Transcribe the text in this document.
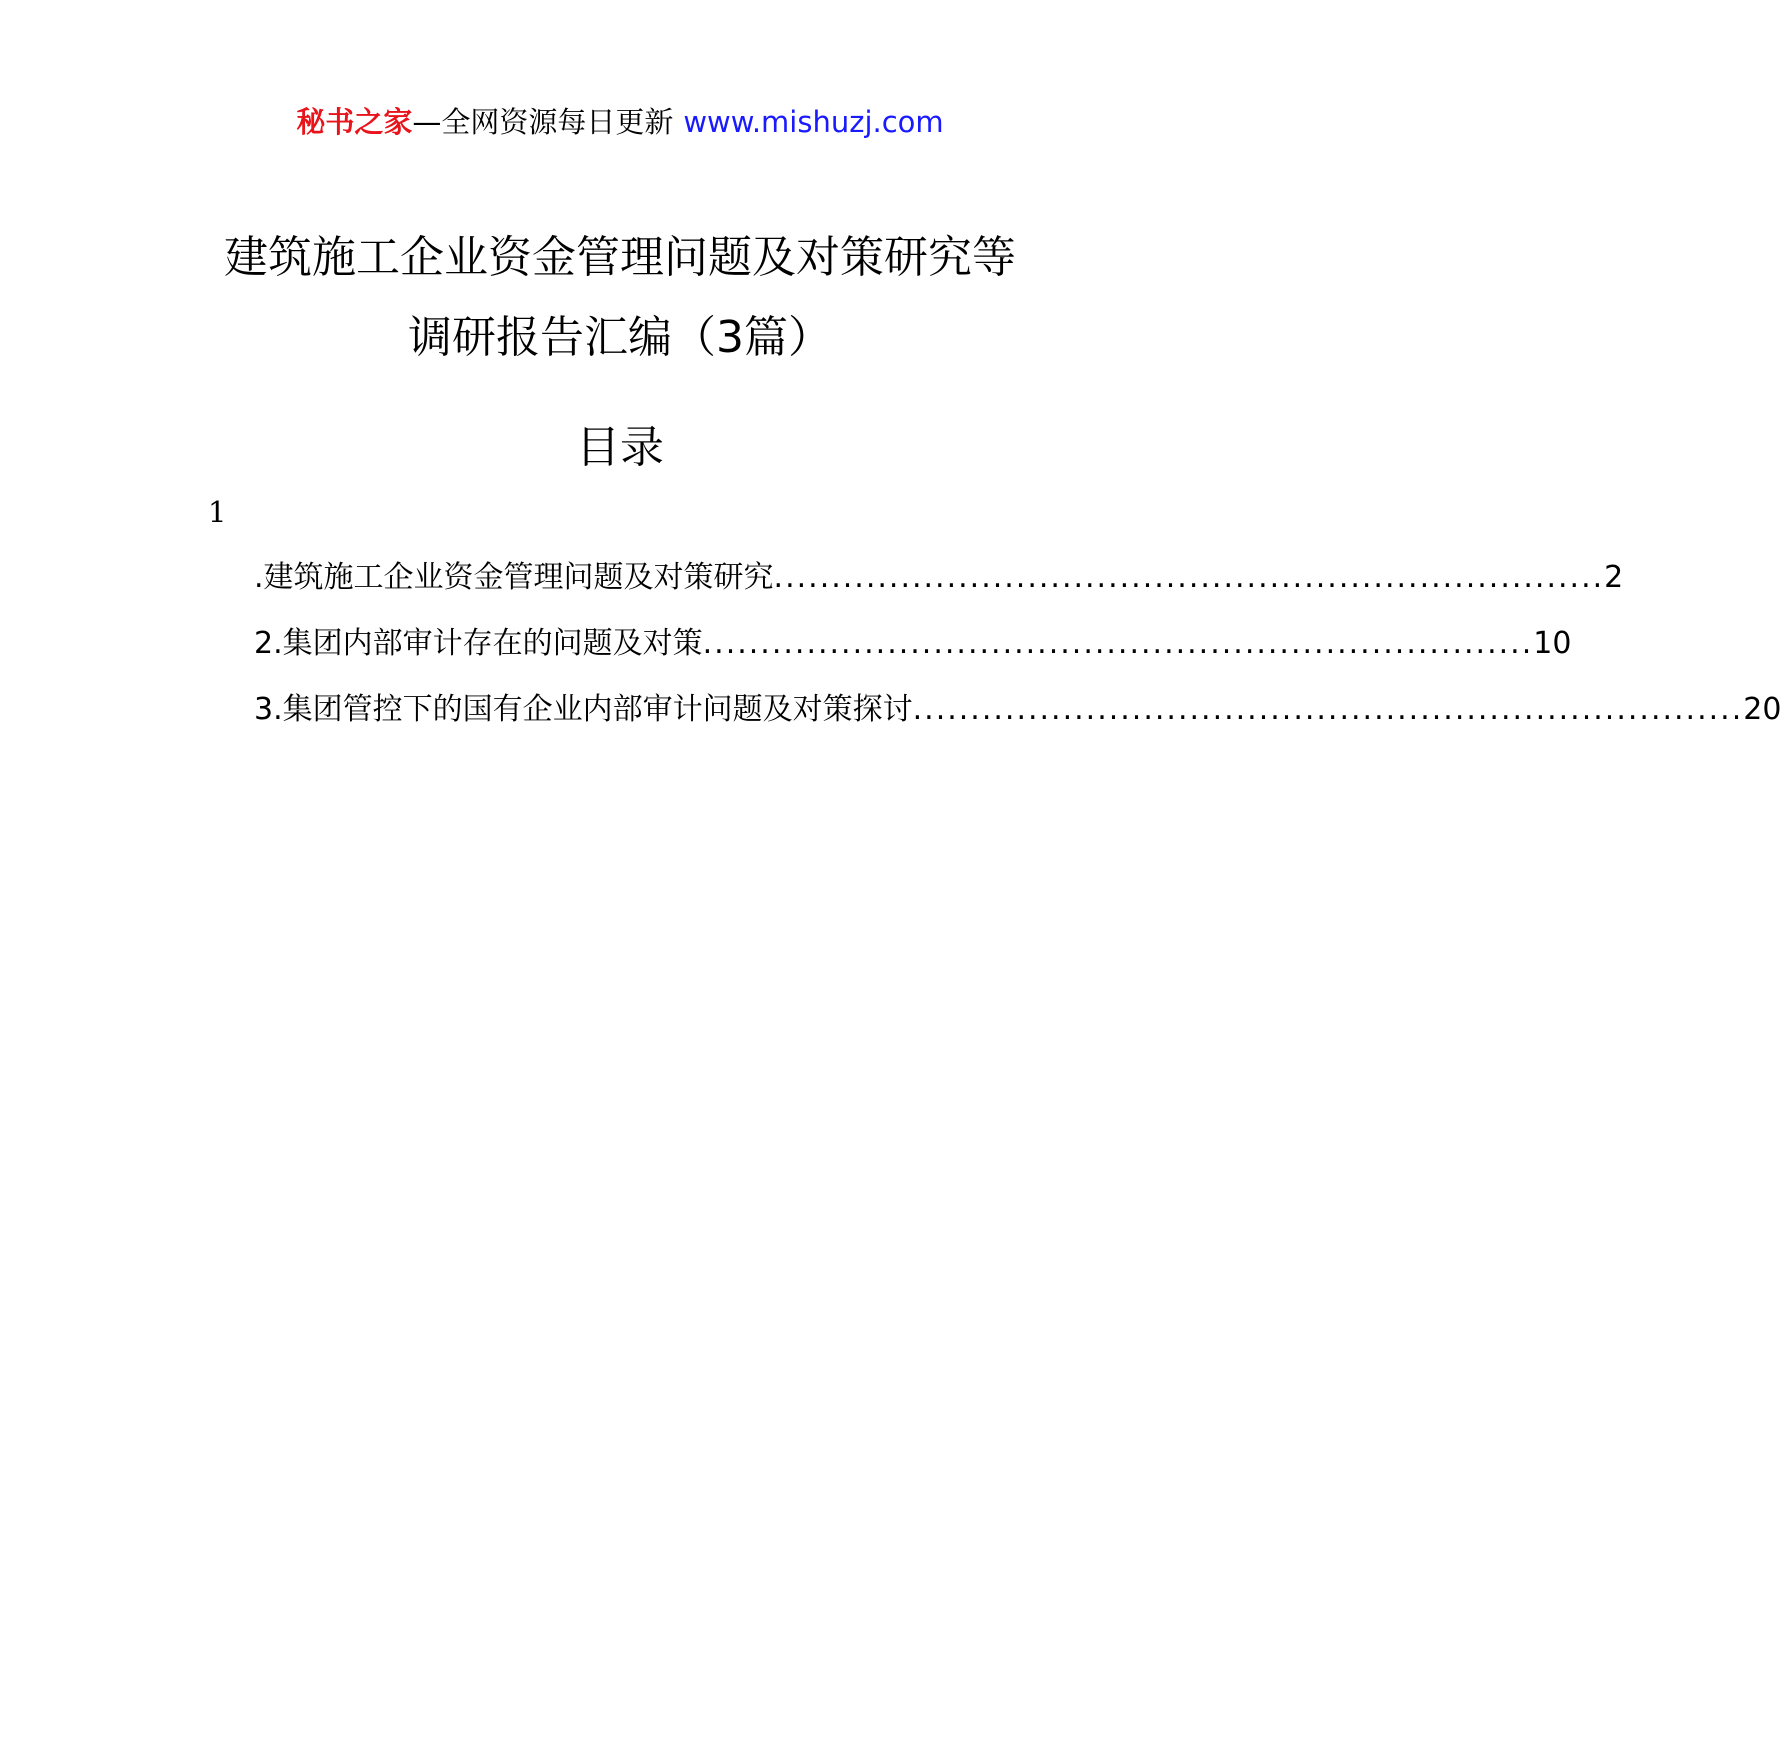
秘书之家—全网资源每日更新 www.mishuzj.com
建筑施工企业资金管理问题及对策研究等
调研报告汇编（3篇）
目录
1
.建筑施工企业资金管理问题及对策研究 ........................................................................ 2
2.集团内部审计存在的问题及对策 ........................................................................ 10
3.集团管控下的国有企业内部审计问题及对策探讨 ........................................................................ 20
